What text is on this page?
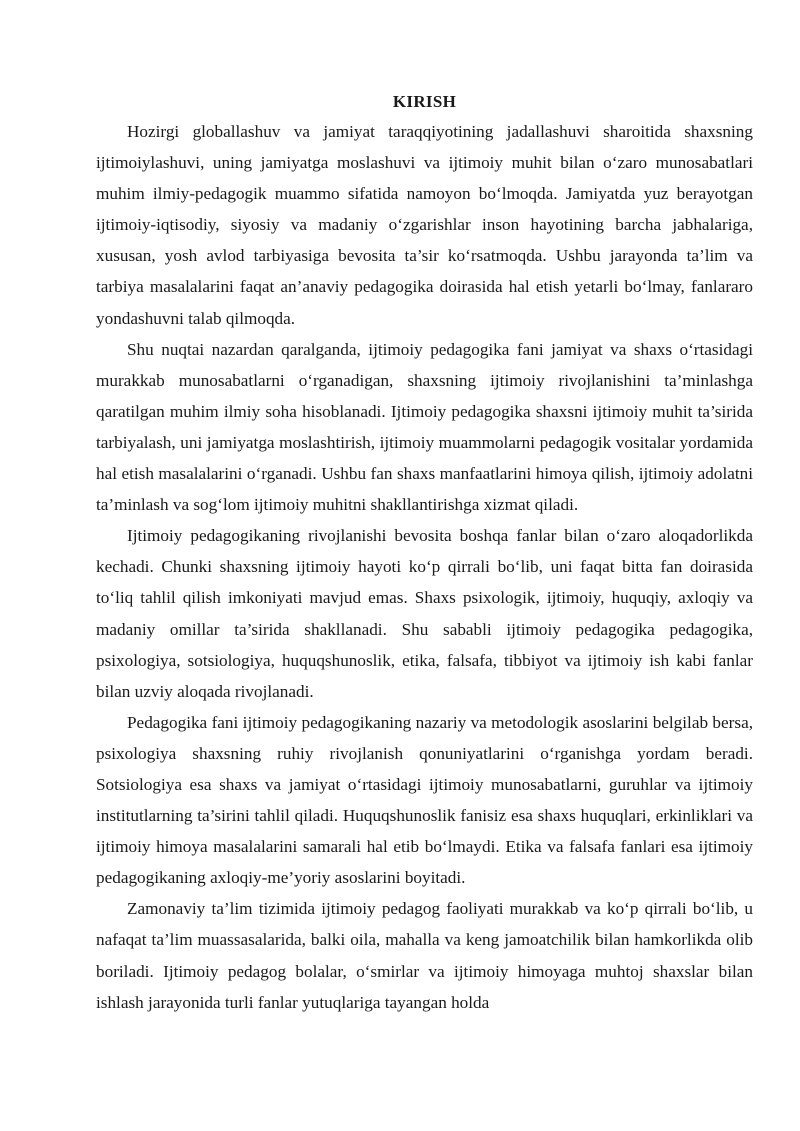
KIRISH

Hozirgi globallashuv va jamiyat taraqqiyotining jadallashuvi sharoitida shaxsning ijtimoiylashuvi, uning jamiyatga moslashuvi va ijtimoiy muhit bilan o‘zaro munosabatlari muhim ilmiy-pedagogik muammo sifatida namoyon bo‘lmoqda. Jamiyatda yuz berayotgan ijtimoiy-iqtisodiy, siyosiy va madaniy o‘zgarishlar inson hayotining barcha jabhalariga, xususan, yosh avlod tarbiyasiga bevosita ta’sir ko‘rsatmoqda. Ushbu jarayonda ta’lim va tarbiya masalalarini faqat an’anaviy pedagogika doirasida hal etish yetarli bo‘lmay, fanlararo yondashuvni talab qilmoqda.

Shu nuqtai nazardan qaralganda, ijtimoiy pedagogika fani jamiyat va shaxs o‘rtasidagi murakkab munosabatlarni o‘rganadigan, shaxsning ijtimoiy rivojlanishini ta’minlashga qaratilgan muhim ilmiy soha hisoblanadi. Ijtimoiy pedagogika shaxsni ijtimoiy muhit ta’sirida tarbiyalash, uni jamiyatga moslashtirish, ijtimoiy muammolarni pedagogik vositalar yordamida hal etish masalalarini o‘rganadi. Ushbu fan shaxs manfaatlarini himoya qilish, ijtimoiy adolatni ta’minlash va sog‘lom ijtimoiy muhitni shakllantirishga xizmat qiladi.

Ijtimoiy pedagogikaning rivojlanishi bevosita boshqa fanlar bilan o‘zaro aloqadorlikda kechadi. Chunki shaxsning ijtimoiy hayoti ko‘p qirrali bo‘lib, uni faqat bitta fan doirasida to‘liq tahlil qilish imkoniyati mavjud emas. Shaxs psixologik, ijtimoiy, huquqiy, axloqiy va madaniy omillar ta’sirida shakllanadi. Shu sababli ijtimoiy pedagogika pedagogika, psixologiya, sotsiologiya, huquqshunoslik, etika, falsafa, tibbiyot va ijtimoiy ish kabi fanlar bilan uzviy aloqada rivojlanadi.

Pedagogika fani ijtimoiy pedagogikaning nazariy va metodologik asoslarini belgilab bersa, psixologiya shaxsning ruhiy rivojlanish qonuniyatlarini o‘rganishga yordam beradi. Sotsiologiya esa shaxs va jamiyat o‘rtasidagi ijtimoiy munosabatlarni, guruhlar va ijtimoiy institutlarning ta’sirini tahlil qiladi. Huquqshunoslik fanisiz esa shaxs huquqlari, erkinliklari va ijtimoiy himoya masalalarini samarali hal etib bo‘lmaydi. Etika va falsafa fanlari esa ijtimoiy pedagogikaning axloqiy-me’yoriy asoslarini boyitadi.

Zamonaviy ta’lim tizimida ijtimoiy pedagog faoliyati murakkab va ko‘p qirrali bo‘lib, u nafaqat ta’lim muassasalarida, balki oila, mahalla va keng jamoatchilik bilan hamkorlikda olib boriladi. Ijtimoiy pedagog bolalar, o‘smirlar va ijtimoiy himoyaga muhtoj shaxslar bilan ishlash jarayonida turli fanlar yutuqlariga tayangan holda
